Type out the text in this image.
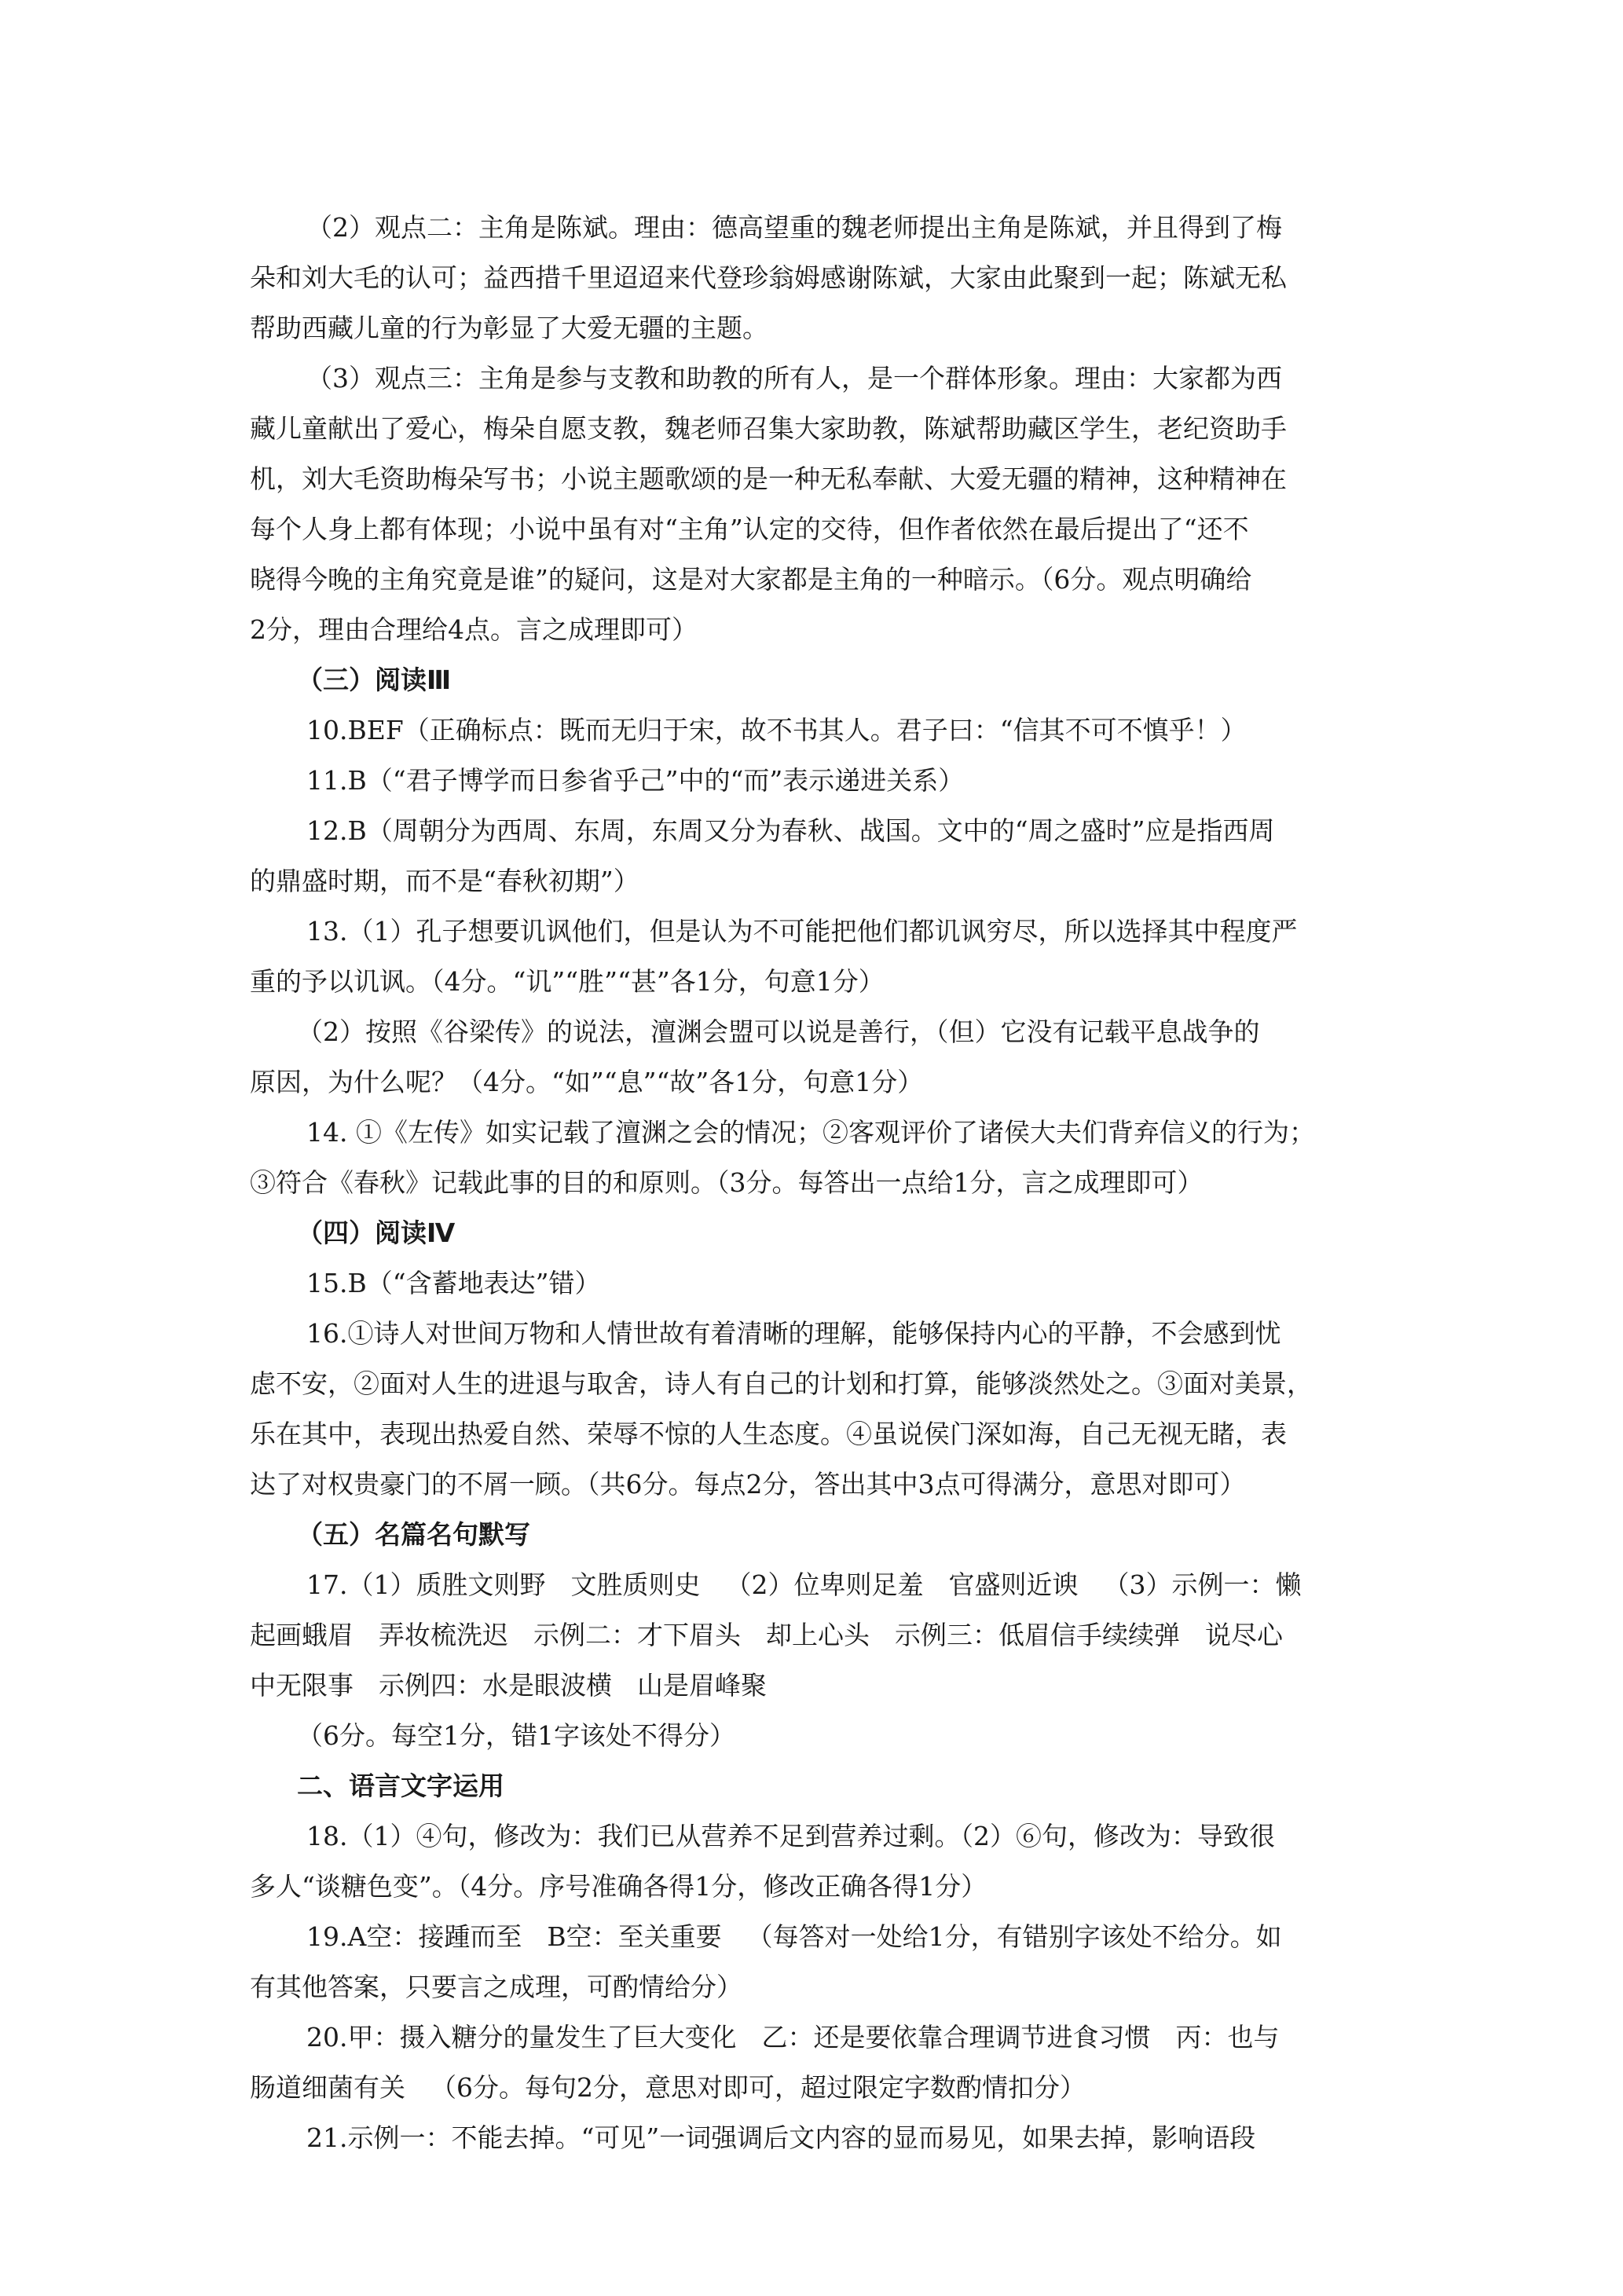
（2）观点二：主角是陈斌。理由：德高望重的魏老师提出主角是陈斌，并且得到了梅
朵和刘大毛的认可；益西措千里迢迢来代登珍翁姆感谢陈斌，大家由此聚到一起；陈斌无私
帮助西藏儿童的行为彰显了大爱无疆的主题。
（3）观点三：主角是参与支教和助教的所有人，是一个群体形象。理由：大家都为西
藏儿童献出了爱心，梅朵自愿支教，魏老师召集大家助教，陈斌帮助藏区学生，老纪资助手
机，刘大毛资助梅朵写书；小说主题歌颂的是一种无私奉献、大爱无疆的精神，这种精神在
每个人身上都有体现；小说中虽有对“主角”认定的交待，但作者依然在最后提出了“还不
晓得今晚的主角究竟是谁”的疑问，这是对大家都是主角的一种暗示。（6分。观点明确给
2分，理由合理给4点。言之成理即可）
（三）阅读Ⅲ
10.BEF（正确标点：既而无归于宋，故不书其人。君子曰：“信其不可不慎乎！）
11.B（“君子博学而日参省乎己”中的“而”表示递进关系）
12.B（周朝分为西周、东周，东周又分为春秋、战国。文中的“周之盛时”应是指西周
的鼎盛时期，而不是“春秋初期”）
13.（1）孔子想要讥讽他们，但是认为不可能把他们都讥讽穷尽，所以选择其中程度严
重的予以讥讽。（4分。“讥”“胜”“甚”各1分，句意1分）
（2）按照《谷梁传》的说法，澶渊会盟可以说是善行，（但）它没有记载平息战争的
原因，为什么呢？（4分。“如”“息”“故”各1分，句意1分）
14. ①《左传》如实记载了澶渊之会的情况；②客观评价了诸侯大夫们背弃信义的行为；
③符合《春秋》记载此事的目的和原则。（3分。每答出一点给1分，言之成理即可）
（四）阅读Ⅳ
15.B（“含蓄地表达”错）
16.①诗人对世间万物和人情世故有着清晰的理解，能够保持内心的平静，不会感到忧
虑不安，②面对人生的进退与取舍，诗人有自己的计划和打算，能够淡然处之。③面对美景，
乐在其中，表现出热爱自然、荣辱不惊的人生态度。④虽说侯门深如海，自己无视无睹，表
达了对权贵豪门的不屑一顾。（共6分。每点2分，答出其中3点可得满分，意思对即可）
（五）名篇名句默写
17.（1）质胜文则野 文胜质则史 （2）位卑则足羞 官盛则近谀 （3）示例一：懒
起画蛾眉 弄妆梳洗迟 示例二：才下眉头 却上心头 示例三：低眉信手续续弹 说尽心
中无限事 示例四：水是眼波横 山是眉峰聚
（6分。每空1分，错1字该处不得分）
二、语言文字运用
18.（1）④句，修改为：我们已从营养不足到营养过剩。（2）⑥句，修改为：导致很
多人“谈糖色变”。（4分。序号准确各得1分，修改正确各得1分）
19.A空：接踵而至 B空：至关重要 （每答对一处给1分，有错别字该处不给分。如
有其他答案，只要言之成理，可酌情给分）
20.甲：摄入糖分的量发生了巨大变化 乙：还是要依靠合理调节进食习惯 丙：也与
肠道细菌有关 （6分。每句2分，意思对即可，超过限定字数酌情扣分）
21.示例一：不能去掉。“可见”一词强调后文内容的显而易见，如果去掉，影响语段
